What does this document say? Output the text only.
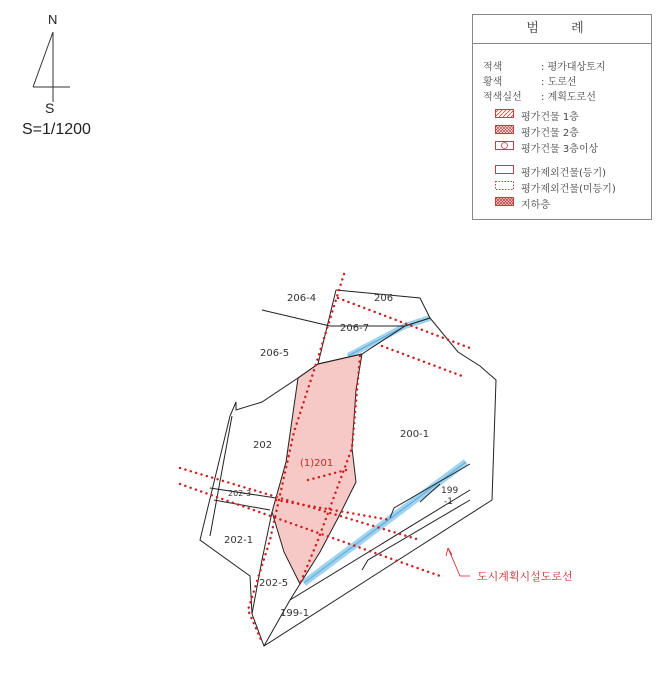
N
S
S=1/1200
범 례
적색	: 평가대상토지
황색	: 도로선
적색실선 : 계획도로선
평가건물 1층
평가건물 2층
평가건물 3층이상
평가제외건물(등기)
평가제외건물(미등기)
지하층
206-4	206
206-7
206-5
202
200-1
(1)201
202-3
202-1
202-5
199-1
199
-1
도시계획시설도로선
